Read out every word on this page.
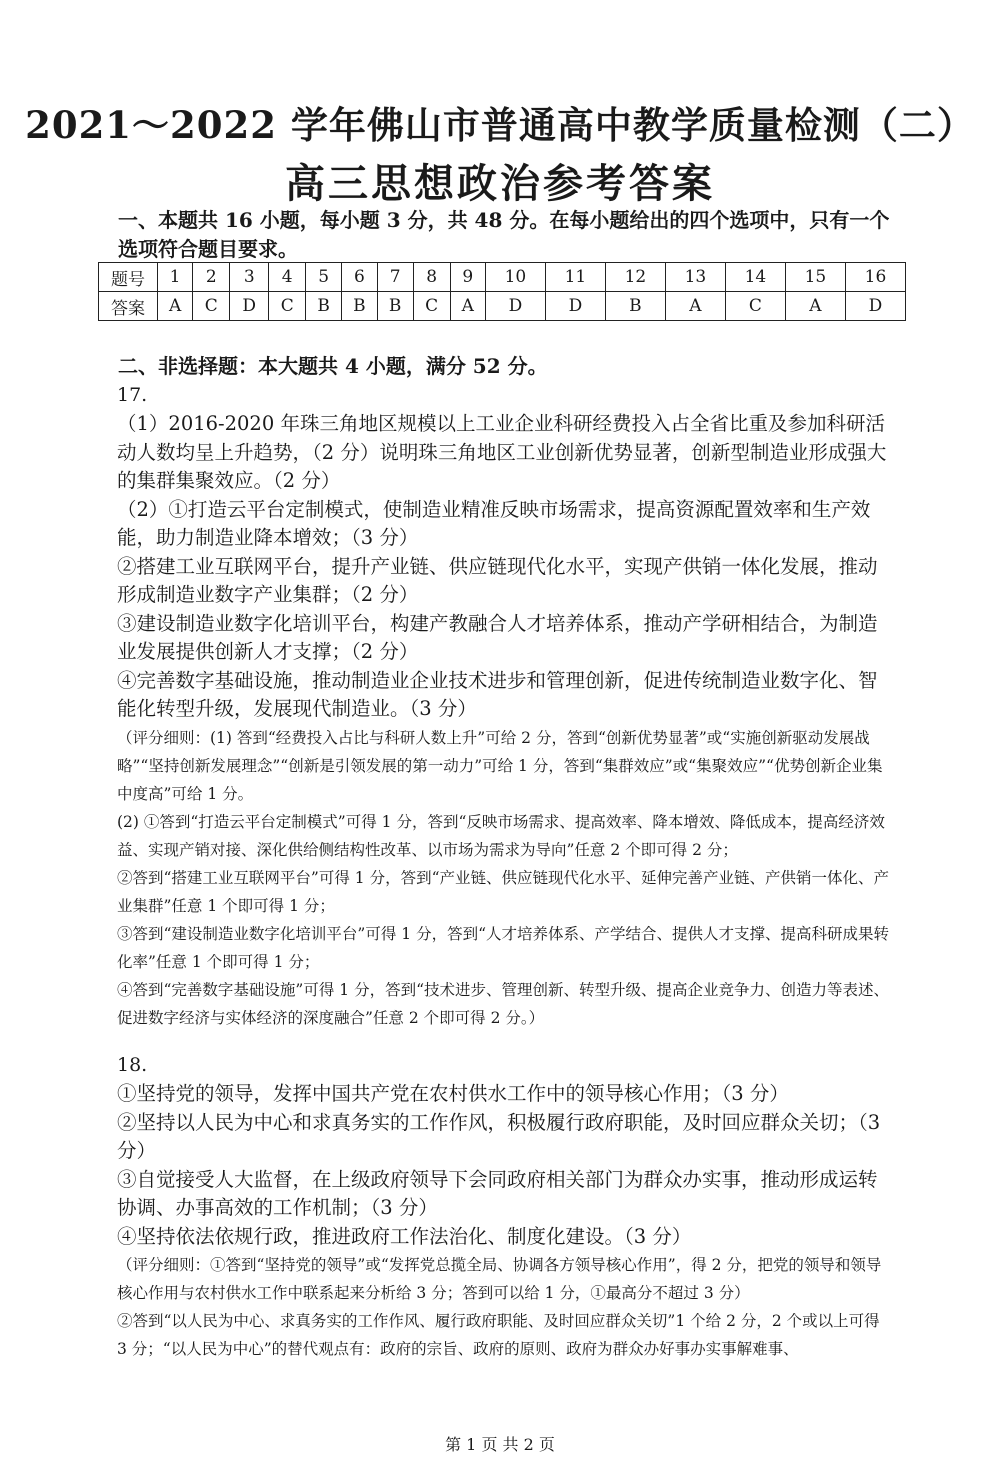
2021～2022 学年佛山市普通高中教学质量检测（二）
高三思想政治参考答案
一、本题共 16 小题，每小题 3 分，共 48 分。在每小题给出的四个选项中，只有一个选项符合题目要求。
题号	1	2	3	4	5	6	7	8	9	10	11	12	13	14	15	16
答案	A	C	D	C	B	B	B	C	A	D	D	B	A	C	A	D
二、非选择题：本大题共 4 小题，满分 52 分。
17.

（1）2016-2020 年珠三角地区规模以上工业企业科研经费投入占全省比重及参加科研活动人数均呈上升趋势，（2 分）说明珠三角地区工业创新优势显著，创新型制造业形成强大的集群集聚效应。（2 分）

（2）①打造云平台定制模式，使制造业精准反映市场需求，提高资源配置效率和生产效能，助力制造业降本增效；（3 分）

②搭建工业互联网平台，提升产业链、供应链现代化水平，实现产供销一体化发展，推动形成制造业数字产业集群；（2 分）

③建设制造业数字化培训平台，构建产教融合人才培养体系，推动产学研相结合，为制造业发展提供创新人才支撑；（2 分）

④完善数字基础设施，推动制造业企业技术进步和管理创新，促进传统制造业数字化、智能化转型升级，发展现代制造业。（3 分）

（评分细则：(1) 答到“经费投入占比与科研人数上升”可给 2 分，答到“创新优势显著”或“实施创新驱动发展战略”“坚持创新发展理念”“创新是引领发展的第一动力”可给 1 分，答到“集群效应”或“集聚效应”“优势创新企业集中度高”可给 1 分。

(2) ①答到“打造云平台定制模式”可得 1 分，答到“反映市场需求、提高效率、降本增效、降低成本，提高经济效益、实现产销对接、深化供给侧结构性改革、以市场为需求为导向”任意 2 个即可得 2 分；

②答到“搭建工业互联网平台”可得 1 分，答到“产业链、供应链现代化水平、延伸完善产业链、产供销一体化、产业集群”任意 1 个即可得 1 分；

③答到“建设制造业数字化培训平台”可得 1 分，答到“人才培养体系、产学结合、提供人才支撑、提高科研成果转化率”任意 1 个即可得 1 分；

④答到“完善数字基础设施”可得 1 分，答到“技术进步、管理创新、转型升级、提高企业竞争力、创造力等表述、促进数字经济与实体经济的深度融合”任意 2 个即可得 2 分。）

18.

①坚持党的领导，发挥中国共产党在农村供水工作中的领导核心作用；（3 分）

②坚持以人民为中心和求真务实的工作作风，积极履行政府职能，及时回应群众关切；（3 分）

③自觉接受人大监督，在上级政府领导下会同政府相关部门为群众办实事，推动形成运转协调、办事高效的工作机制；（3 分）

④坚持依法依规行政，推进政府工作法治化、制度化建设。（3 分）

（评分细则：①答到“坚持党的领导”或“发挥党总揽全局、协调各方领导核心作用”，得 2 分，把党的领导和领导核心作用与农村供水工作中联系起来分析给 3 分；答到可以给 1 分，①最高分不超过 3 分）

②答到“以人民为中心、求真务实的工作作风、履行政府职能、及时回应群众关切”1 个给 2 分，2 个或以上可得 3 分；“以人民为中心”的替代观点有：政府的宗旨、政府的原则、政府为群众办好事办实事解难事、

第 1 页 共 2 页
